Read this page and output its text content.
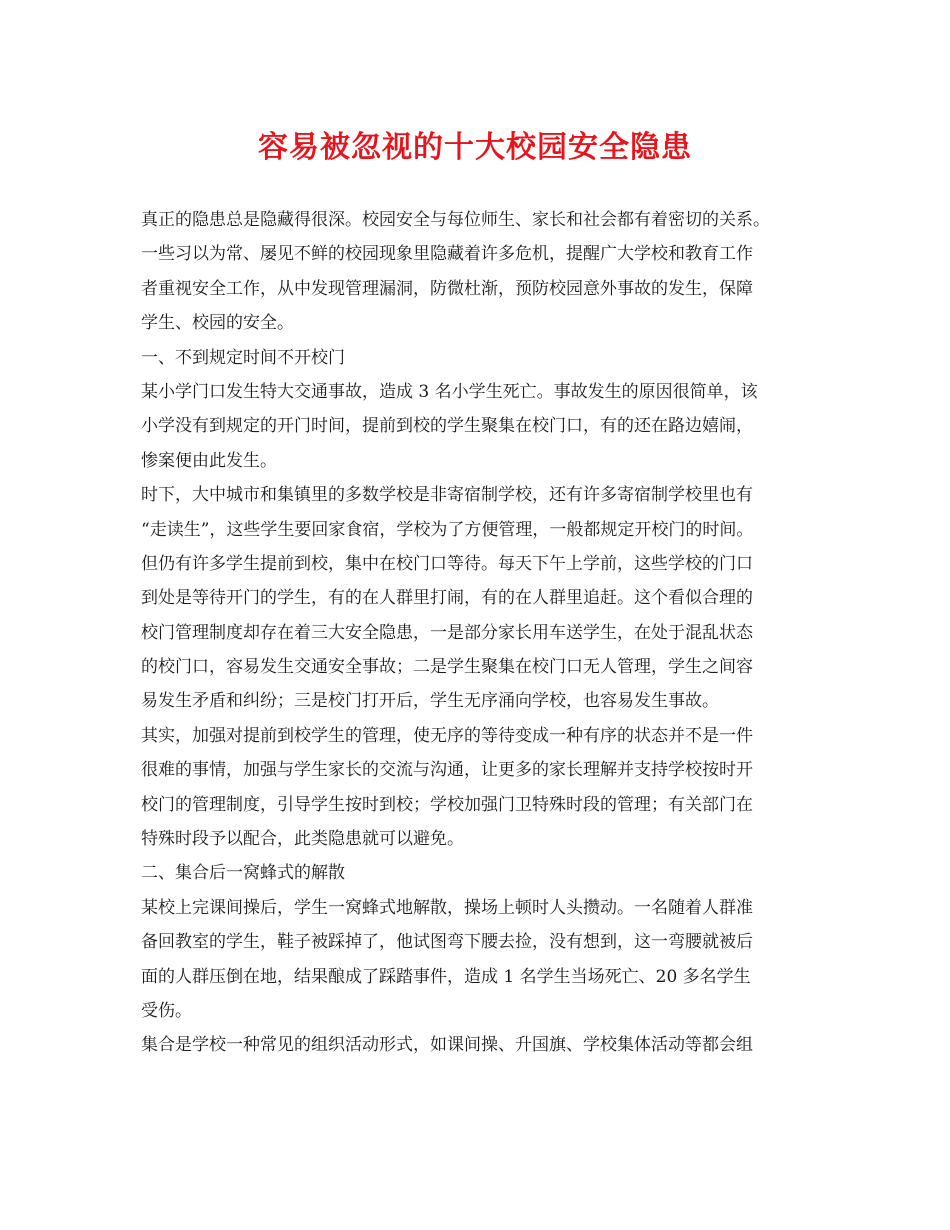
容易被忽视的十大校园安全隐患
真正的隐患总是隐藏得很深。校园安全与每位师生、家长和社会都有着密切的关系。
一些习以为常、屡见不鲜的校园现象里隐藏着许多危机，提醒广大学校和教育工作
者重视安全工作，从中发现管理漏洞，防微杜渐，预防校园意外事故的发生，保障
学生、校园的安全。
一、不到规定时间不开校门
某小学门口发生特大交通事故，造成 3 名小学生死亡。事故发生的原因很简单，该
小学没有到规定的开门时间，提前到校的学生聚集在校门口，有的还在路边嬉闹，
惨案便由此发生。
时下，大中城市和集镇里的多数学校是非寄宿制学校，还有许多寄宿制学校里也有
“走读生”，这些学生要回家食宿，学校为了方便管理，一般都规定开校门的时间。
但仍有许多学生提前到校，集中在校门口等待。每天下午上学前，这些学校的门口
到处是等待开门的学生，有的在人群里打闹，有的在人群里追赶。这个看似合理的
校门管理制度却存在着三大安全隐患，一是部分家长用车送学生，在处于混乱状态
的校门口，容易发生交通安全事故；二是学生聚集在校门口无人管理，学生之间容
易发生矛盾和纠纷；三是校门打开后，学生无序涌向学校，也容易发生事故。
其实，加强对提前到校学生的管理，使无序的等待变成一种有序的状态并不是一件
很难的事情，加强与学生家长的交流与沟通，让更多的家长理解并支持学校按时开
校门的管理制度，引导学生按时到校；学校加强门卫特殊时段的管理；有关部门在
特殊时段予以配合，此类隐患就可以避免。
二、集合后一窝蜂式的解散
某校上完课间操后，学生一窝蜂式地解散，操场上顿时人头攒动。一名随着人群准
备回教室的学生，鞋子被踩掉了，他试图弯下腰去捡，没有想到，这一弯腰就被后
面的人群压倒在地，结果酿成了踩踏事件，造成 1 名学生当场死亡、20 多名学生
受伤。
集合是学校一种常见的组织活动形式，如课间操、升国旗、学校集体活动等都会组
